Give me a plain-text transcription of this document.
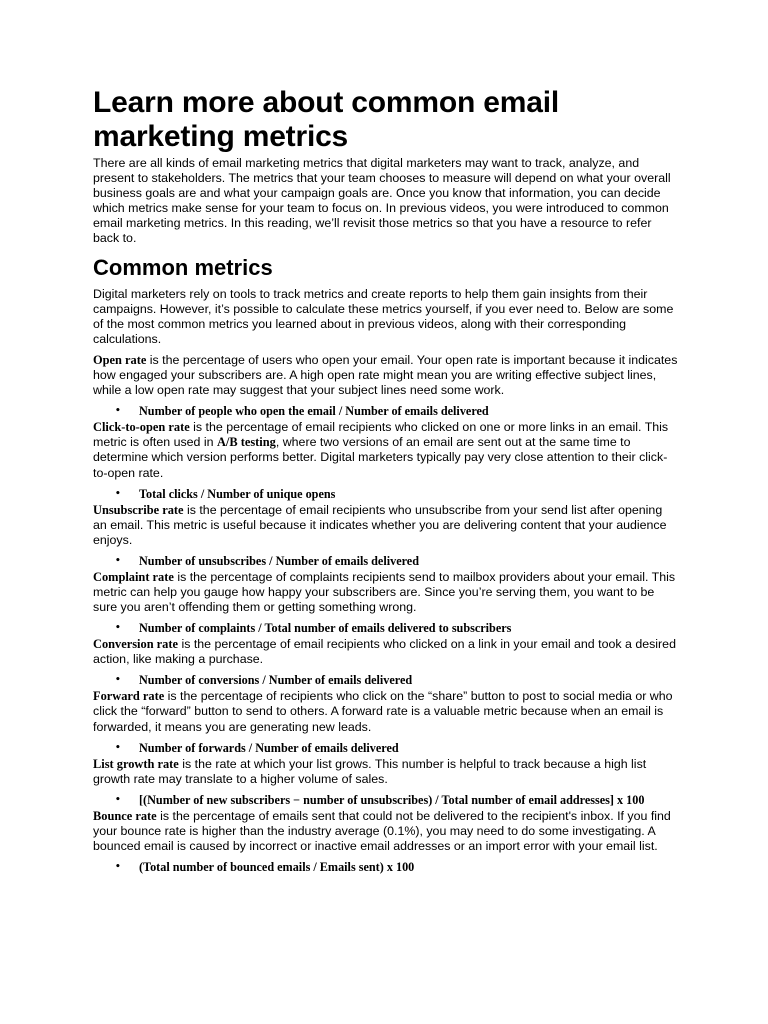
Learn more about common email marketing metrics

There are all kinds of email marketing metrics that digital marketers may want to track, analyze, and present to stakeholders. The metrics that your team chooses to measure will depend on what your overall business goals are and what your campaign goals are. Once you know that information, you can decide which metrics make sense for your team to focus on. In previous videos, you were introduced to common email marketing metrics. In this reading, we’ll revisit those metrics so that you have a resource to refer back to.

Common metrics

Digital marketers rely on tools to track metrics and create reports to help them gain insights from their campaigns. However, it’s possible to calculate these metrics yourself, if you ever need to. Below are some of the most common metrics you learned about in previous videos, along with their corresponding calculations.

Open rate is the percentage of users who open your email. Your open rate is important because it indicates how engaged your subscribers are. A high open rate might mean you are writing effective subject lines, while a low open rate may suggest that your subject lines need some work.

• Number of people who open the email / Number of emails delivered

Click-to-open rate is the percentage of email recipients who clicked on one or more links in an email. This metric is often used in A/B testing, where two versions of an email are sent out at the same time to determine which version performs better. Digital marketers typically pay very close attention to their click-to-open rate.

• Total clicks / Number of unique opens

Unsubscribe rate is the percentage of email recipients who unsubscribe from your send list after opening an email. This metric is useful because it indicates whether you are delivering content that your audience enjoys.

• Number of unsubscribes / Number of emails delivered

Complaint rate is the percentage of complaints recipients send to mailbox providers about your email. This metric can help you gauge how happy your subscribers are. Since you’re serving them, you want to be sure you aren’t offending them or getting something wrong.

• Number of complaints / Total number of emails delivered to subscribers

Conversion rate is the percentage of email recipients who clicked on a link in your email and took a desired action, like making a purchase.

• Number of conversions / Number of emails delivered

Forward rate is the percentage of recipients who click on the “share” button to post to social media or who click the “forward” button to send to others. A forward rate is a valuable metric because when an email is forwarded, it means you are generating new leads.

• Number of forwards / Number of emails delivered

List growth rate is the rate at which your list grows. This number is helpful to track because a high list growth rate may translate to a higher volume of sales.

• [(Number of new subscribers − number of unsubscribes) / Total number of email addresses] x 100

Bounce rate is the percentage of emails sent that could not be delivered to the recipient's inbox. If you find your bounce rate is higher than the industry average (0.1%), you may need to do some investigating. A bounced email is caused by incorrect or inactive email addresses or an import error with your email list.

• (Total number of bounced emails / Emails sent) x 100
